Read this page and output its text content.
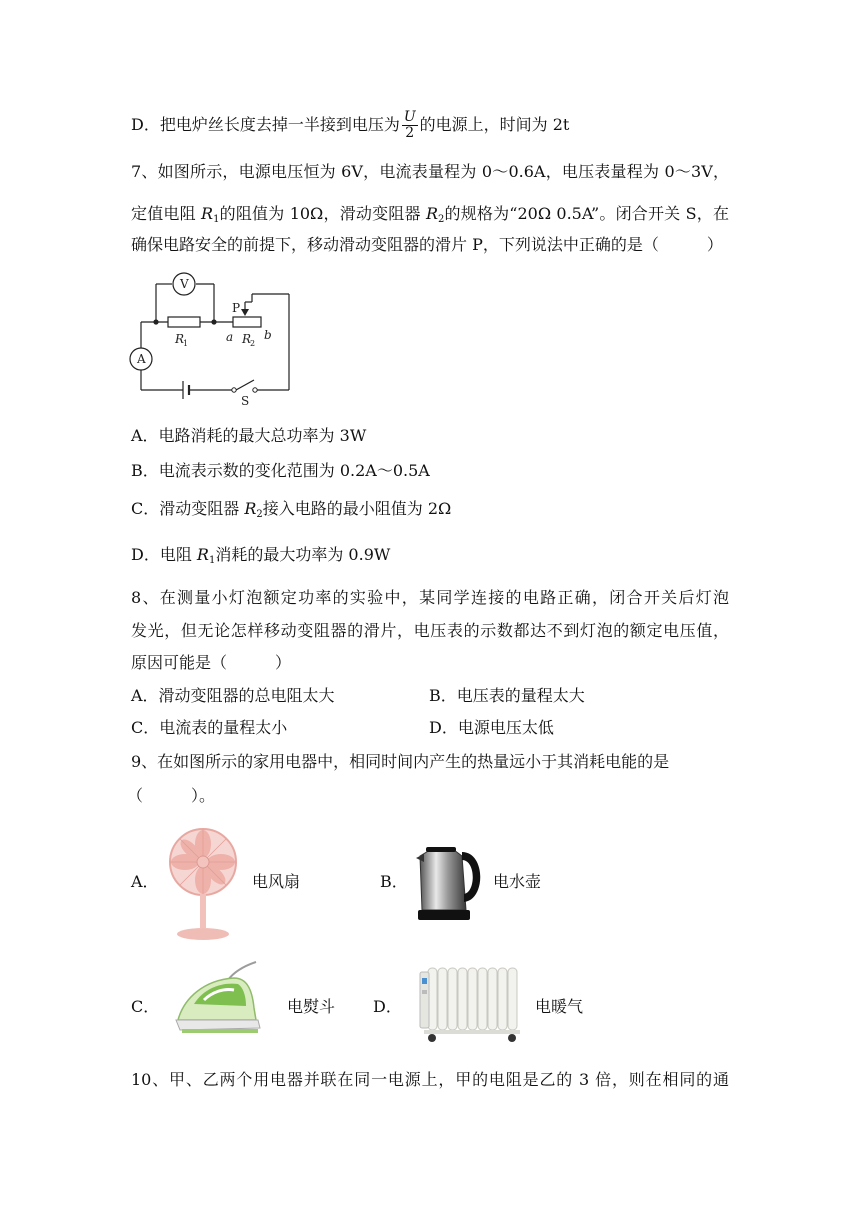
D．把电炉丝长度去掉一半接到电压为 $\frac{U}{2}$ 的电源上，时间为 2t
7、如图所示，电源电压恒为 6V，电流表量程为 0～0.6A，电压表量程为 0～3V，
定值电阻 $R_1$的阻值为 10Ω，滑动变阻器 $R_2$的规格为“20Ω 0.5A”。闭合开关 S，在
确保电路安全的前提下，移动滑动变阻器的滑片 P，下列说法中正确的是（　　　）
V
A
R
1	R
2
a	b
P
S
A．电路消耗的最大总功率为 3W
B．电流表示数的变化范围为 0.2A～0.5A
C．滑动变阻器 $R_2$接入电路的最小阻值为 2Ω
D．电阻 $R_1$消耗的最大功率为 0.9W
8、在测量小灯泡额定功率的实验中，某同学连接的电路正确，闭合开关后灯泡
发光，但无论怎样移动变阻器的滑片，电压表的示数都达不到灯泡的额定电压值，
原因可能是（　　　）
A．滑动变阻器的总电阻太大	B．电压表的量程太大
C．电流表的量程太小	D．电源电压太低
9、在如图所示的家用电器中，相同时间内产生的热量远小于其消耗电能的是
（　　　）。
A．	电风扇	B．	电水壶
C．	电熨斗 D．	电暖气
10、甲、乙两个用电器并联在同一电源上，甲的电阻是乙的 3 倍，则在相同的通
